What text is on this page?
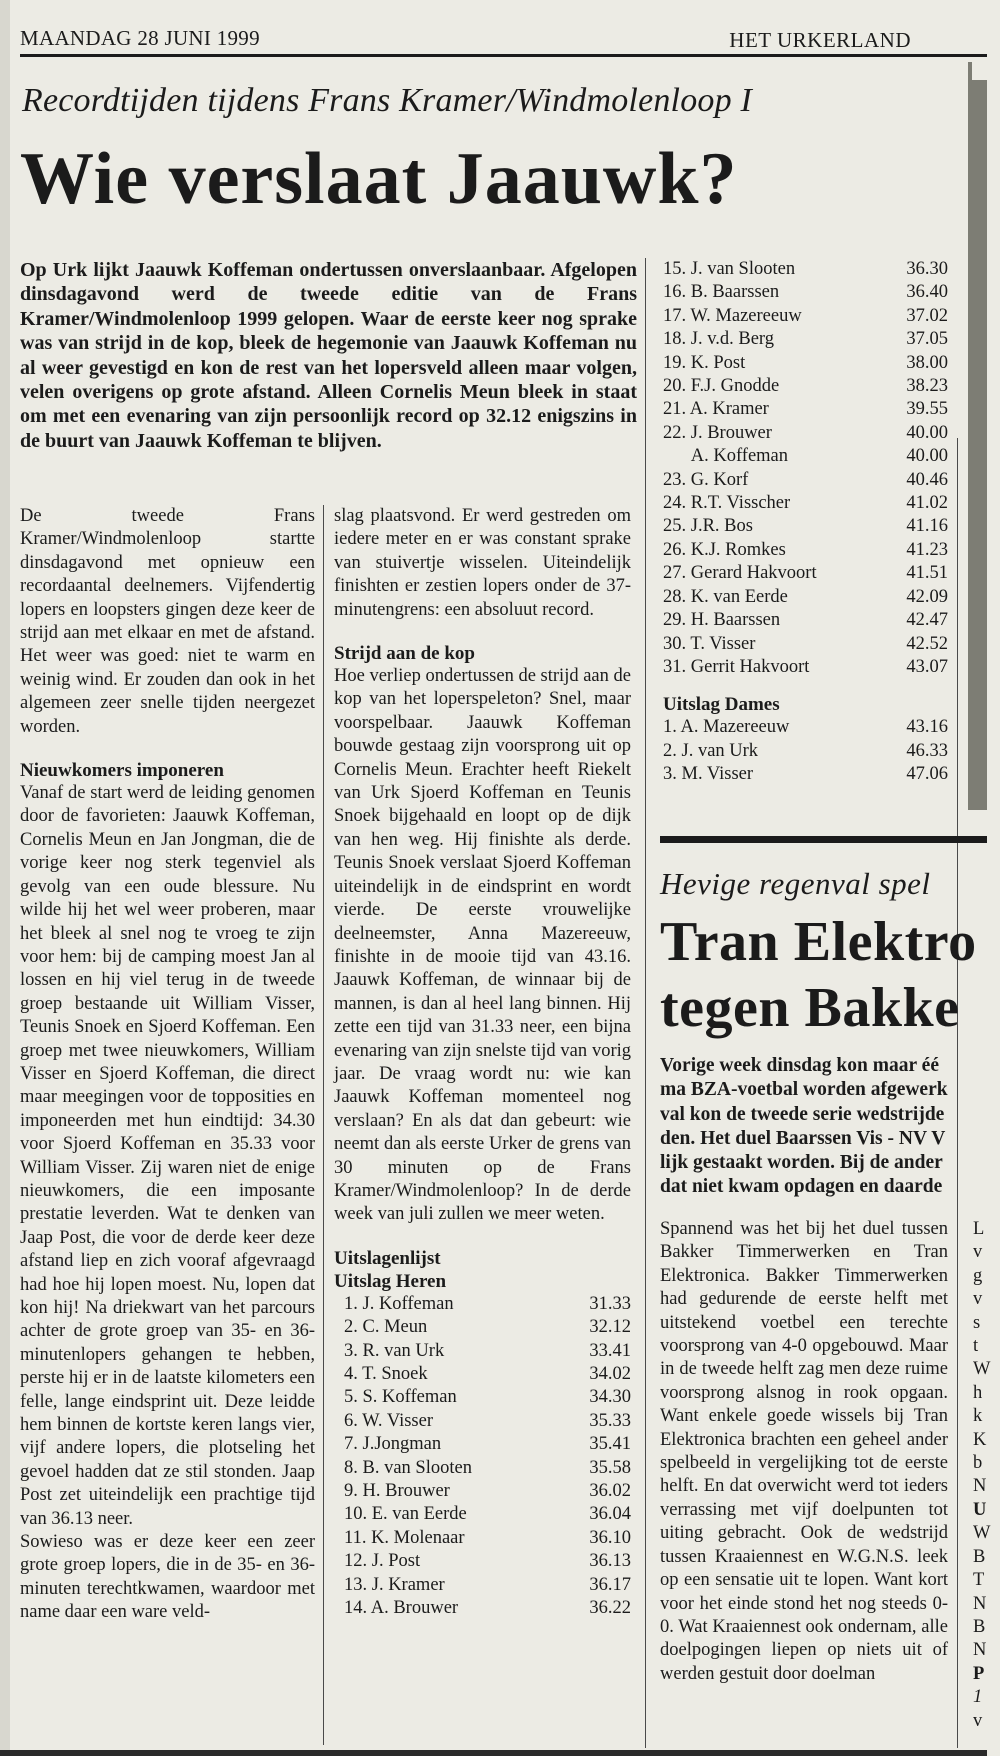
MAANDAG 28 JUNI 1999	HET URKERLAND
Recordtijden tijdens Frans Kramer/Windmolenloop I
Wie verslaat Jaauwk?
Op Urk lijkt Jaauwk Koffeman ondertussen onverslaanbaar. Afgelopen dinsdagavond werd de tweede editie van de Frans Kramer/Windmolenloop 1999 gelopen. Waar de eerste keer nog sprake was van strijd in de kop, bleek de hegemonie van Jaauwk Koffeman nu al weer gevestigd en kon de rest van het lopersveld alleen maar volgen, velen overigens op grote afstand. Alleen Cornelis Meun bleek in staat om met een evenaring van zijn persoonlijk record op 32.12 enigszins in de buurt van Jaauwk Koffeman te blijven.

De tweede Frans Kramer/Windmolenloop startte dinsdagavond met opnieuw een recordaantal deelnemers. Vijfendertig lopers en loopsters gingen deze keer de strijd aan met elkaar en met de afstand. Het weer was goed: niet te warm en weinig wind. Er zouden dan ook in het algemeen zeer snelle tijden neergezet worden.

Nieuwkomers imponeren

Vanaf de start werd de leiding genomen door de favorieten: Jaauwk Koffeman, Cornelis Meun en Jan Jongman, die de vorige keer nog sterk tegenviel als gevolg van een oude blessure. Nu wilde hij het wel weer proberen, maar het bleek al snel nog te vroeg te zijn voor hem: bij de camping moest Jan al lossen en hij viel terug in de tweede groep bestaande uit William Visser, Teunis Snoek en Sjoerd Koffeman. Een groep met twee nieuwkomers, William Visser en Sjoerd Koffeman, die direct maar meegingen voor de topposities en imponeerden met hun eindtijd: 34.30 voor Sjoerd Koffeman en 35.33 voor William Visser. Zij waren niet de enige nieuwkomers, die een imposante prestatie leverden. Wat te denken van Jaap Post, die voor de derde keer deze afstand liep en zich vooraf afgevraagd had hoe hij lopen moest. Nu, lopen dat kon hij! Na driekwart van het parcours achter de grote groep van 35- en 36-minutenlopers gehangen te hebben, perste hij er in de laatste kilometers een felle, lange eindsprint uit. Deze leidde hem binnen de kortste keren langs vier, vijf andere lopers, die plotseling het gevoel hadden dat ze stil stonden. Jaap Post zet uiteindelijk een prachtige tijd van 36.13 neer.

Sowieso was er deze keer een zeer grote groep lopers, die in de 35- en 36-minuten terechtkwamen, waardoor met name daar een ware veld-

slag plaatsvond. Er werd gestreden om iedere meter en er was constant sprake van stuivertje wisselen. Uiteindelijk finishten er zestien lopers onder de 37-minutengrens: een absoluut record.

Strijd aan de kop

Hoe verliep ondertussen de strijd aan de kop van het loperspeleton? Snel, maar voorspelbaar. Jaauwk Koffeman bouwde gestaag zijn voorsprong uit op Cornelis Meun. Erachter heeft Riekelt van Urk Sjoerd Koffeman en Teunis Snoek bijgehaald en loopt op de dijk van hen weg. Hij finishte als derde. Teunis Snoek verslaat Sjoerd Koffeman uiteindelijk in de eindsprint en wordt vierde. De eerste vrouwelijke deelneemster, Anna Mazereeuw, finishte in de mooie tijd van 43.16. Jaauwk Koffeman, de winnaar bij de mannen, is dan al heel lang binnen. Hij zette een tijd van 31.33 neer, een bijna evenaring van zijn snelste tijd van vorig jaar. De vraag wordt nu: wie kan Jaauwk Koffeman momenteel nog verslaan? En als dat dan gebeurt: wie neemt dan als eerste Urker de grens van 30 minuten op de Frans Kramer/Windmolenloop? In de derde week van juli zullen we meer weten.

Uitslagenlijst
Uitslag Heren
1. J. Koffeman	31.33
2. C. Meun	32.12
3. R. van Urk	33.41
4. T. Snoek	34.02
5. S. Koffeman	34.30
6. W. Visser	35.33
7. J.Jongman	35.41
8. B. van Slooten	35.58
9. H. Brouwer	36.02
10. E. van Eerde	36.04
11. K. Molenaar	36.10
12. J. Post	36.13
13. J. Kramer	36.17
14. A. Brouwer	36.22
15. J. van Slooten	36.30
16. B. Baarssen	36.40
17. W. Mazereeuw	37.02
18. J. v.d. Berg	37.05
19. K. Post	38.00
20. F.J. Gnodde	38.23
21. A. Kramer	39.55
22. J. Brouwer	40.00
A. Koffeman	40.00
23. G. Korf	40.46
24. R.T. Visscher	41.02
25. J.R. Bos	41.16
26. K.J. Romkes	41.23
27. Gerard Hakvoort	41.51
28. K. van Eerde	42.09
29. H. Baarssen	42.47
30. T. Visser	42.52
31. Gerrit Hakvoort	43.07
Uitslag Dames
1. A. Mazereeuw	43.16
2. J. van Urk	46.33
3. M. Visser	47.06
Hevige regenval spel
Tran Elektro
tegen Bakke
Vorige week dinsdag kon maar éé
ma BZA-voetbal worden afgewerk
val kon de tweede serie wedstrijde
den. Het duel Baarssen Vis - NV V
lijk gestaakt worden. Bij de ander
dat niet kwam opdagen en daarde
Spannend was het bij het duel tussen Bakker Timmerwerken en Tran Elektronica. Bakker Timmerwerken had gedurende de eerste helft met uitstekend voetbel een terechte voorsprong van 4-0 opgebouwd. Maar in de tweede helft zag men deze ruime voorsprong alsnog in rook opgaan. Want enkele goede wissels bij Tran Elektronica brachten een geheel ander spelbeeld in vergelijking tot de eerste helft. En dat overwicht werd tot ieders verrassing met vijf doelpunten tot uiting gebracht. Ook de wedstrijd tussen Kraaiennest en W.G.N.S. leek op een sensatie uit te lopen. Want kort voor het einde stond het nog steeds 0-0. Wat Kraaiennest ook ondernam, alle doelpogingen liepen op niets uit of werden gestuit door doelman
L
v
g
v
s
t
W
h
k
K
b
N
U
W
B
T
N
B
N
P
1
v
